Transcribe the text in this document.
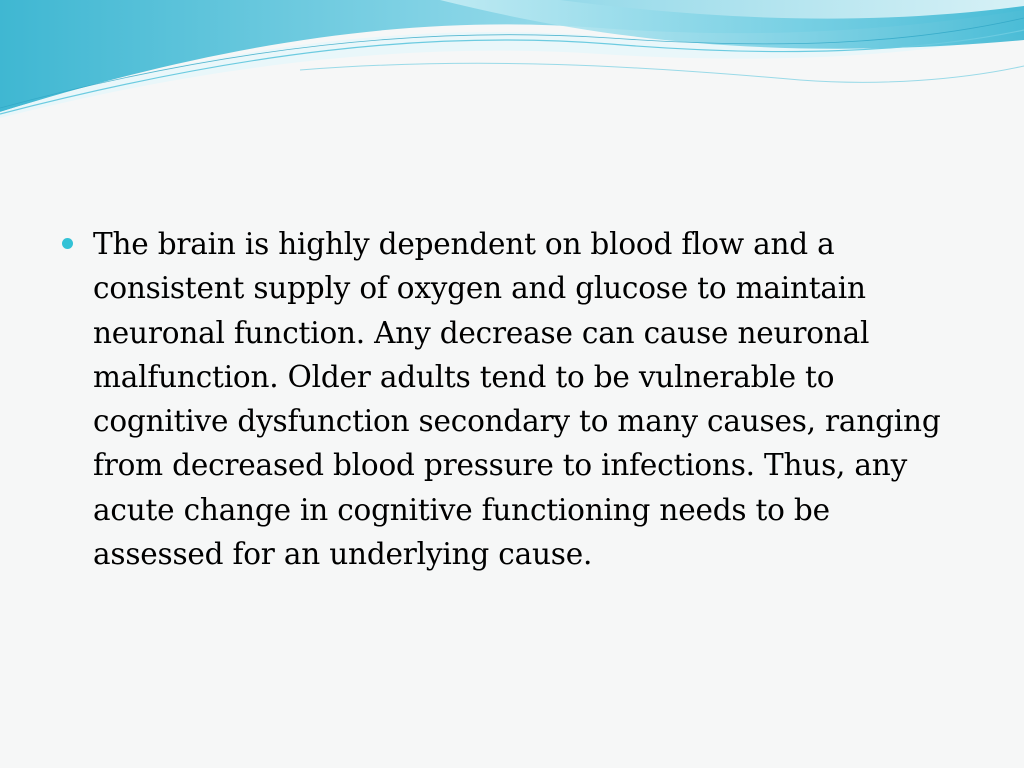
The brain is highly dependent on blood flow and a consistent supply of oxygen and glucose to maintain neuronal function. Any decrease can cause neuronal malfunction. Older adults tend to be vulnerable to cognitive dysfunction secondary to many causes, ranging from decreased blood pressure to infections. Thus, any acute change in cognitive functioning needs to be assessed for an underlying cause.
